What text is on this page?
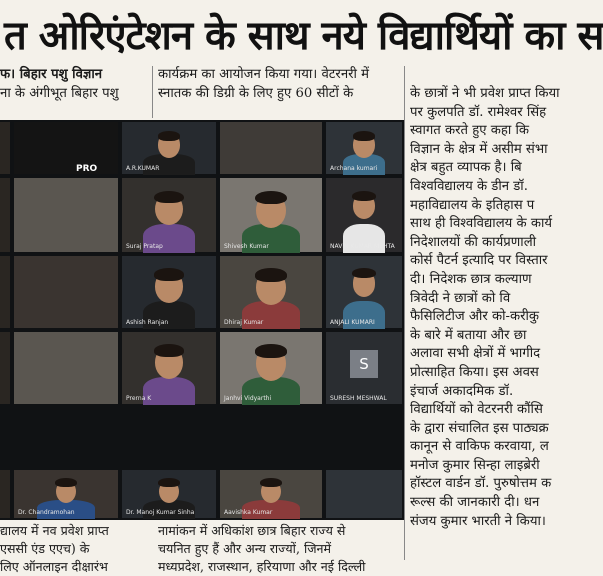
त ओरिएंटेशन के साथ नये विद्यार्थियों का स

फ। बिहार पशु विज्ञान

ना के अंगीभूत बिहार पशु

कार्यक्रम का आयोजन किया गया। वेटरनरी में

स्नातक की डिग्री के लिए हुए 60 सीटों के	के छात्रों ने भी प्रवेश प्राप्त किया

पर कुलपति डॉ. रामेश्वर सिंह

स्वागत करते हुए कहा कि

विज्ञान के क्षेत्र में असीम संभा

क्षेत्र बहुत व्यापक है। बि

विश्वविद्यालय के डीन डॉ.

महाविद्यालय के इतिहास प

साथ ही विश्वविद्यालय के कार्य

निदेशालयों की कार्यप्रणाली

कोर्स पैटर्न इत्यादि पर विस्तार

दी। निदेशक छात्र कल्याण

त्रिवेदी ने छात्रों को वि

फैसिलिटीज और को-करीकु

के बारे में बताया और छा

अलावा सभी क्षेत्रों में भागीद

प्रोत्साहित किया। इस अवस

इंचार्ज अकादमिक डॉ.

विद्यार्थियों को वेटरनरी कौंसि

के द्वारा संचालित इस पाठ्यक्र

कानून से वाकिफ करवाया, ल

मनोज कुमार सिन्हा लाइब्रेरी

हॉस्टल वार्डन डॉ. पुरुषोत्तम क

रूल्स की जानकारी दी। धन

संजय कुमार भारती ने किया।

PRO	A.R.KUMAR	Archana kumari
Suraj Pratap	Shivesh Kumar	NAVIN KUMAR MEHTA
Ashish Ranjan	Dhiraj Kumar	ANJALI KUMARI
Prerna K	Janhvi Vidyarthi
S
SURESH MESHWAL
Dr. Chandramohan	Dr. Manoj Kumar Sinha	Aavishka Kumar

द्यालय में नव प्रवेश प्राप्त

एससी एंड एएच) के

लिए ऑनलाइन दीक्षारंभ

नामांकन में अधिकांश छात्र बिहार राज्य से

चयनित हुए हैं और अन्य राज्यों, जिनमें

मध्यप्रदेश, राजस्थान, हरियाणा और नई दिल्ली
